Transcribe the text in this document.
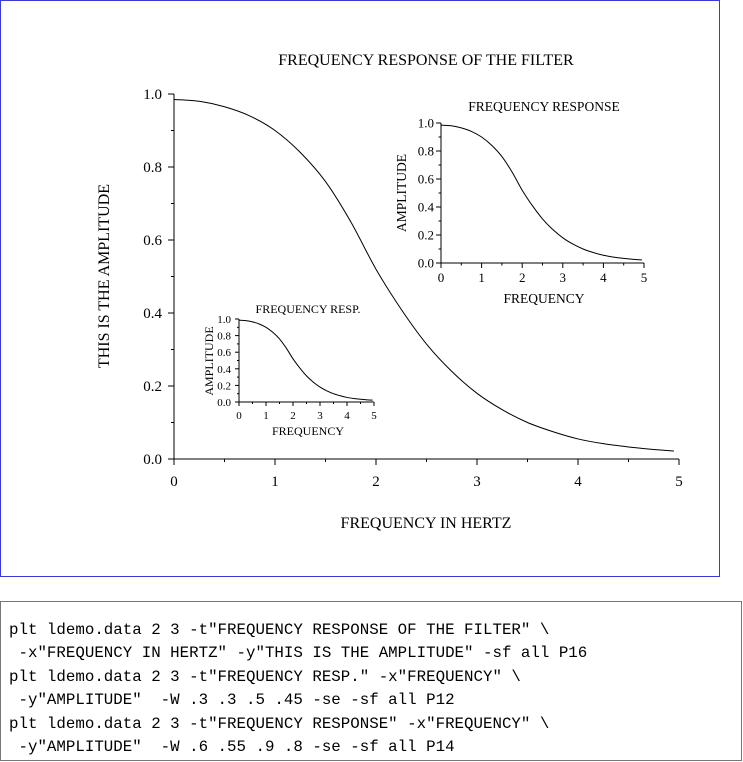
FREQUENCY RESPONSE OF THE FILTER
0	1	2	3	4	5
0.0
0.2
0.4
0.6
0.8
1.0
FREQUENCY IN HERTZ
THIS IS THE AMPLITUDE	FREQUENCY RESP.
0 1 2 3 4 5
0.0
0.2
0.4
0.6
0.8
1.0
FREQUENCY
AMPLITUDE
FREQUENCY RESPONSE
0	1	2	3	4	5
0.0
0.2
0.4
0.6
0.8
1.0
FREQUENCY
AMPLITUDE
plt ldemo.data 2 3 -t"FREQUENCY RESPONSE OF THE FILTER" \
-x"FREQUENCY IN HERTZ" -y"THIS IS THE AMPLITUDE" -sf all P16
plt ldemo.data 2 3 -t"FREQUENCY RESP." -x"FREQUENCY" \
-y"AMPLITUDE"  -W .3 .3 .5 .45 -se -sf all P12
plt ldemo.data 2 3 -t"FREQUENCY RESPONSE" -x"FREQUENCY" \
-y"AMPLITUDE"  -W .6 .55 .9 .8 -se -sf all P14
